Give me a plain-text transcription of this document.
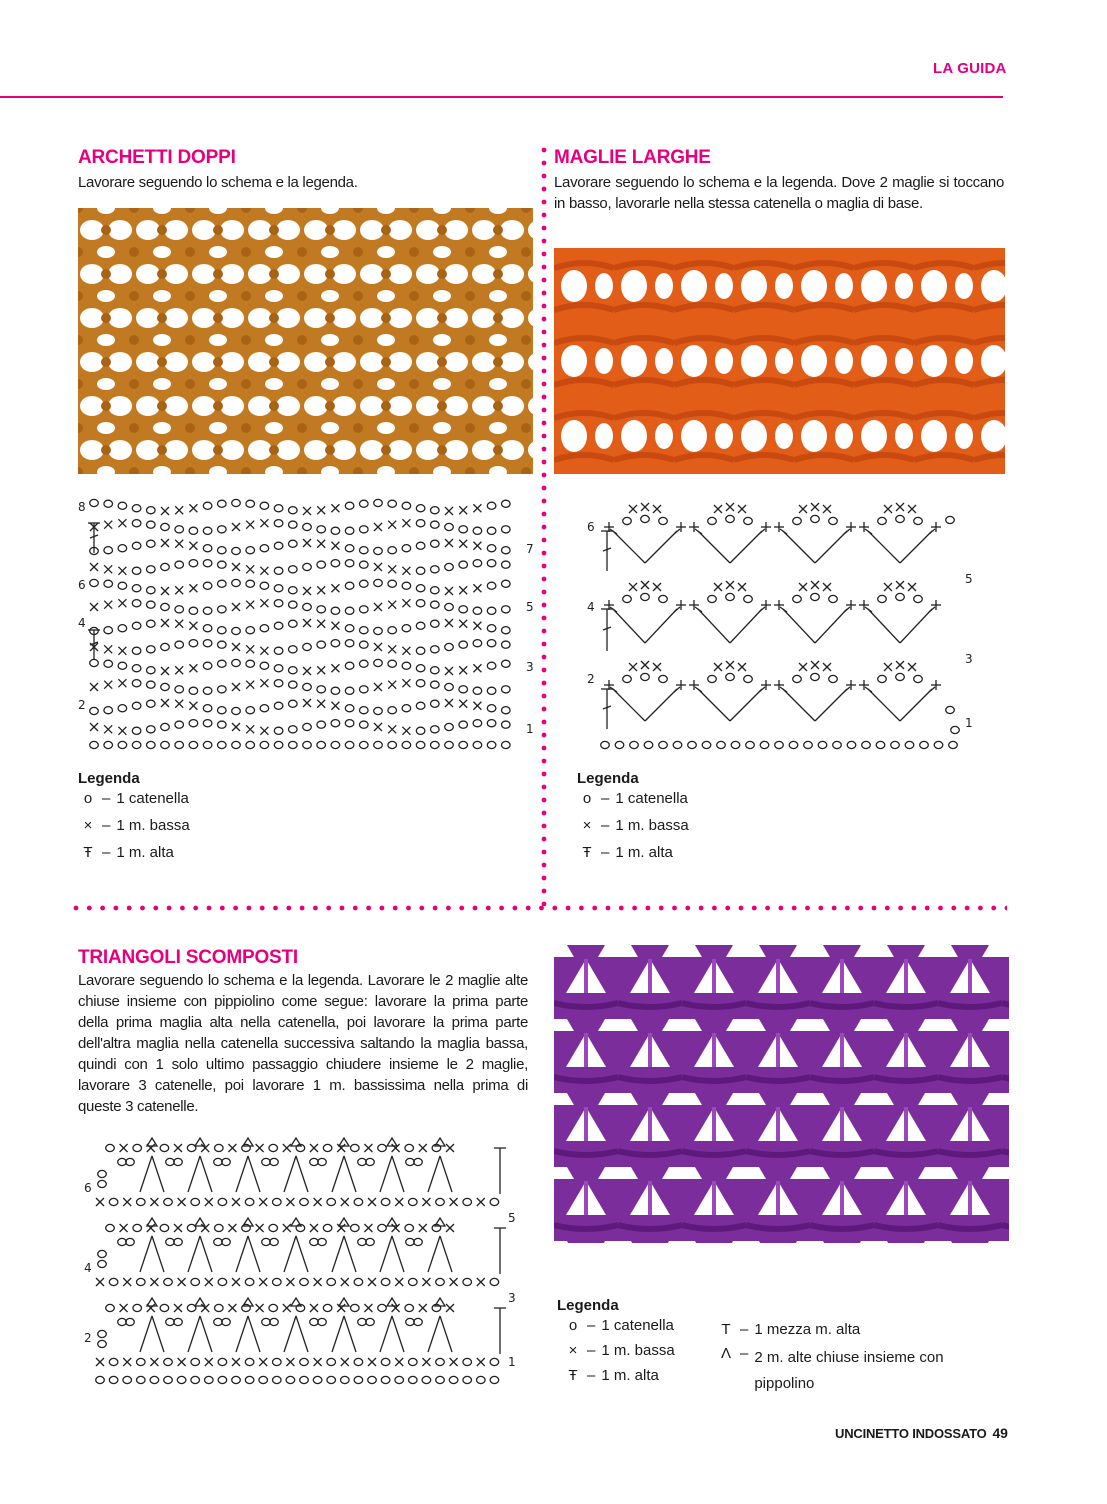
LA GUIDA
ARCHETTI DOPPI
Lavorare seguendo lo schema e la legenda.
8
7
6
5
4
3
2
1
Legenda
o – 1 catenella
× – 1 m. bassa
Ŧ – 1 m. alta
MAGLIE LARGHE
Lavorare seguendo lo schema e la legenda. Dove 2 maglie si toccano in basso, lavorarle nella stessa catenella o maglia di base.
6
5
4
3
2
1
Legenda
o – 1 catenella
× – 1 m. bassa
Ŧ – 1 m. alta
TRIANGOLI SCOMPOSTI
Lavorare seguendo lo schema e la legenda. Lavorare le 2 maglie alte chiuse insieme con pippiolino come segue: lavorare la prima parte della prima maglia alta nella catenella, poi lavorare la prima parte dell'altra maglia nella catenella successiva saltando la maglia bassa, quindi con 1 solo ultimo passaggio chiudere insieme le 2 maglie, lavorare 3 catenelle, poi lavorare 1 m. bassissima nella prima di queste 3 catenelle.
6
5
4
3
2
1
Legenda
o – 1 catenella
× – 1 m. bassa
Ŧ – 1 m. alta
T – 1 mezza m. alta
Λ – 2 m. alte chiuse insieme con pippolino
UNCINETTO INDOSSATO 49
